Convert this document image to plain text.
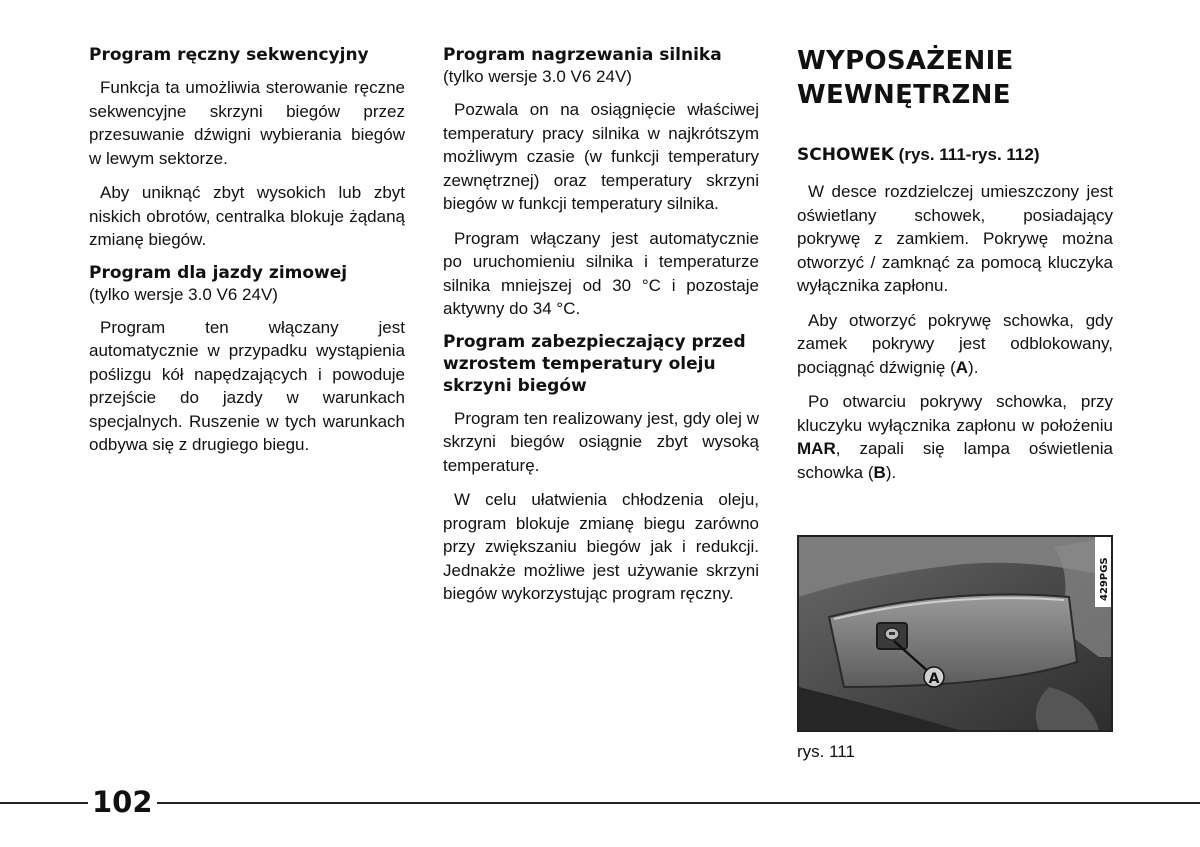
Program ręczny sekwencyjny

Funkcja ta umożliwia sterowanie ręczne sekwencyjne skrzyni biegów przez przesuwanie dźwigni wybierania biegów w lewym sektorze.

Aby uniknąć zbyt wysokich lub zbyt niskich obrotów, centralka blokuje żądaną zmianę biegów.

Program dla jazdy zimowej
(tylko wersje 3.0 V6 24V)

Program ten włączany jest automatycznie w przypadku wystąpienia poślizgu kół napędzających i powoduje przejście do jazdy w warunkach specjalnych. Ruszenie w tych warunkach odbywa się z drugiego biegu.

Program nagrzewania silnika
(tylko wersje 3.0 V6 24V)

Pozwala on na osiągnięcie właściwej temperatury pracy silnika w najkrótszym możliwym czasie (w funkcji temperatury zewnętrznej) oraz temperatury skrzyni biegów w funkcji temperatury silnika.

Program włączany jest automatycznie po uruchomieniu silnika i temperaturze silnika mniejszej od 30 °C i pozostaje aktywny do 34 °C.

Program zabezpieczający przed wzrostem temperatury oleju skrzyni biegów

Program ten realizowany jest, gdy olej w skrzyni biegów osiągnie zbyt wysoką temperaturę.

W celu ułatwienia chłodzenia oleju, program blokuje zmianę biegu zarówno przy zwiększaniu biegów jak i redukcji. Jednakże możliwe jest używanie skrzyni biegów wykorzystując program ręczny.

WYPOSAŻENIE
WEWNĘTRZNE
SCHOWEK (rys. 111-rys. 112)

W desce rozdzielczej umieszczony jest oświetlany schowek, posiadający pokrywę z zamkiem. Pokrywę można otworzyć / zamknąć za pomocą kluczyka wyłącznika zapłonu.

Aby otworzyć pokrywę schowka, gdy zamek pokrywy jest odblokowany, pociągnąć dźwignię (A).

Po otwarciu pokrywy schowka, przy kluczyku wyłącznika zapłonu w położeniu MAR, zapali się lampa oświetlenia schowka (B).

A
429PGS
rys. 111
102
